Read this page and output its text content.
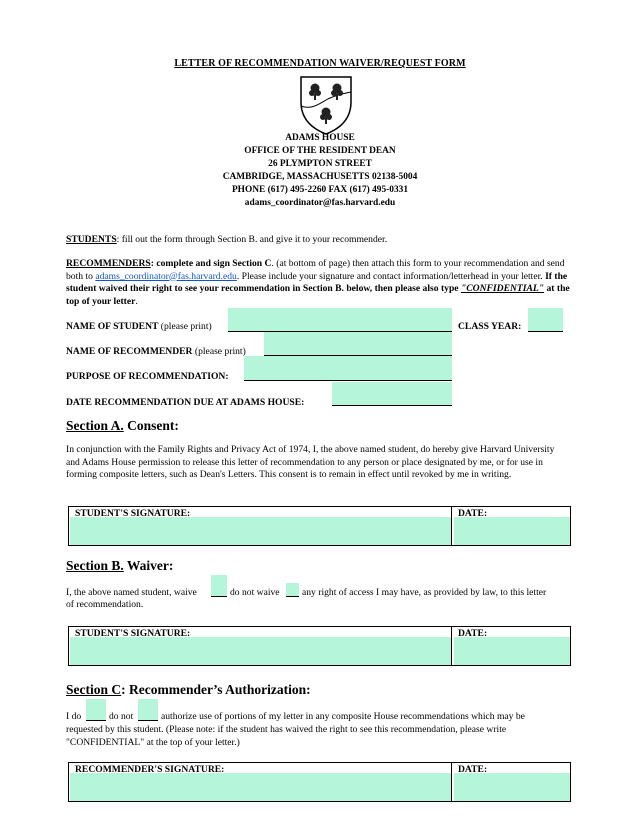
LETTER OF RECOMMENDATION WAIVER/REQUEST FORM
ADAMS HOUSE
OFFICE OF THE RESIDENT DEAN
26 PLYMPTON STREET
CAMBRIDGE, MASSACHUSETTS 02138-5004
PHONE (617) 495-2260 FAX (617) 495-0331
adams_coordinator@fas.harvard.edu
STUDENTS: fill out the form through Section B. and give it to your recommender.
RECOMMENDERS: complete and sign Section C. (at bottom of page) then attach this form to your recommendation and send both to adams_coordinator@fas.harvard.edu. Please include your signature and contact information/letterhead in your letter. If the student waived their right to see your recommendation in Section B. below, then please also type "CONFIDENTIAL" at the top of your letter.
NAME OF STUDENT (please print)	CLASS YEAR:
NAME OF RECOMMENDER (please print)
PURPOSE OF RECOMMENDATION:
DATE RECOMMENDATION DUE AT ADAMS HOUSE:
Section A. Consent:
In conjunction with the Family Rights and Privacy Act of 1974, I, the above named student, do hereby give Harvard University and Adams House permission to release this letter of recommendation to any person or place designated by me, or for use in forming composite letters, such as Dean's Letters. This consent is to remain in effect until revoked by me in writing.
STUDENT'S SIGNATURE:	DATE:
Section B. Waiver:
I, the above named student, waive	do not waive any right of access I may have, as provided by law, to this letter
of recommendation.
STUDENT'S SIGNATURE:	DATE:
Section C: Recommender’s Authorization:
I do	do not	authorize use of portions of my letter in any composite House recommendations which may be
requested by this student. (Please note: if the student has waived the right to see this recommendation, please write "CONFIDENTIAL" at the top of your letter.)
RECOMMENDER'S SIGNATURE:	DATE:
